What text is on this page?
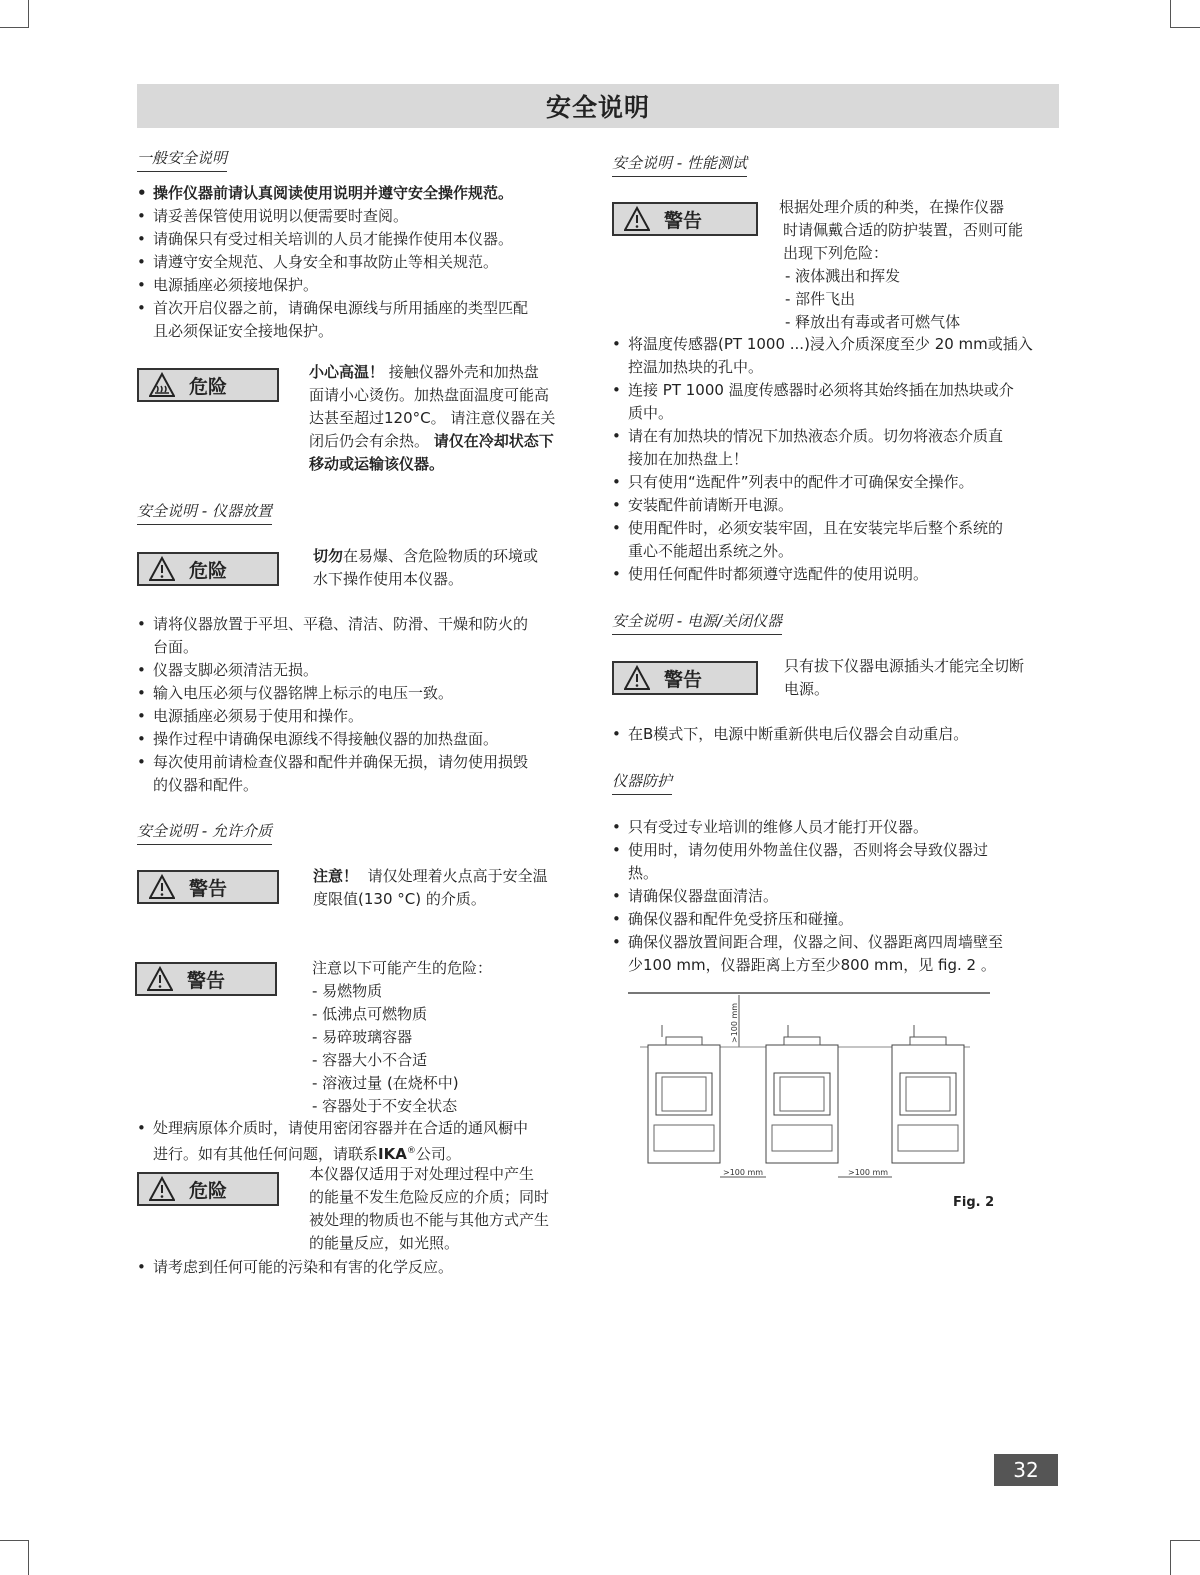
安全说明
一般安全说明
• 操作仪器前请认真阅读使用说明并遵守安全操作规范。
• 请妥善保管使用说明以便需要时查阅。
• 请确保只有受过相关培训的人员才能操作使用本仪器。
• 请遵守安全规范、人身安全和事故防止等相关规范。
• 电源插座必须接地保护。
• 首次开启仪器之前，请确保电源线与所用插座的类型匹配
且必须保证安全接地保护。
危险
小心高温！ 接触仪器外壳和加热盘
面请小心烫伤。加热盘面温度可能高
达甚至超过120°C。 请注意仪器在关
闭后仍会有余热。 请仅在冷却状态下
移动或运输该仪器。
安全说明 - 仪器放置
危险
切勿在易爆、含危险物质的环境或
水下操作使用本仪器。
• 请将仪器放置于平坦、平稳、清洁、防滑、干燥和防火的
台面。
• 仪器支脚必须清洁无损。
• 输入电压必须与仪器铭牌上标示的电压一致。
• 电源插座必须易于使用和操作。
• 操作过程中请确保电源线不得接触仪器的加热盘面。
• 每次使用前请检查仪器和配件并确保无损，请勿使用损毁
的仪器和配件。
安全说明 - 允许介质
警告
注意！ 请仅处理着火点高于安全温
度限值(130 °C) 的介质。
警告
注意以下可能产生的危险：
- 易燃物质
- 低沸点可燃物质
- 易碎玻璃容器
- 容器大小不合适
- 溶液过量 (在烧杯中)
- 容器处于不安全状态
• 处理病原体介质时，请使用密闭容器并在合适的通风橱中
进行。如有其他任何问题，请联系IKA®公司。
危险
本仪器仅适用于对处理过程中产生
的能量不发生危险反应的介质；同时
被处理的物质也不能与其他方式产生
的能量反应，如光照。
• 请考虑到任何可能的污染和有害的化学反应。
安全说明 - 性能测试
警告
根据处理介质的种类，在操作仪器
时请佩戴合适的防护装置，否则可能
出现下列危险：
- 液体溅出和挥发
- 部件飞出
- 释放出有毒或者可燃气体
• 将温度传感器(PT 1000 ...)浸入介质深度至少 20 mm或插入
控温加热块的孔中。
• 连接 PT 1000 温度传感器时必须将其始终插在加热块或介
质中。
• 请在有加热块的情况下加热液态介质。切勿将液态介质直
接加在加热盘上！
• 只有使用“选配件”列表中的配件才可确保安全操作。
• 安装配件前请断开电源。
• 使用配件时，必须安装牢固，且在安装完毕后整个系统的
重心不能超出系统之外。
• 使用任何配件时都须遵守选配件的使用说明。
安全说明 - 电源/关闭仪器
警告
只有拔下仪器电源插头才能完全切断
电源。
• 在B模式下，电源中断重新供电后仪器会自动重启。
仪器防护
• 只有受过专业培训的维修人员才能打开仪器。
• 使用时，请勿使用外物盖住仪器，否则将会导致仪器过
热。
• 请确保仪器盘面清洁。
• 确保仪器和配件免受挤压和碰撞。
• 确保仪器放置间距合理，仪器之间、仪器距离四周墙壁至
少100 mm，仪器距离上方至少800 mm，见 fig. 2 。
>100 mm
>100 mm	>100 mm
Fig. 2
32
